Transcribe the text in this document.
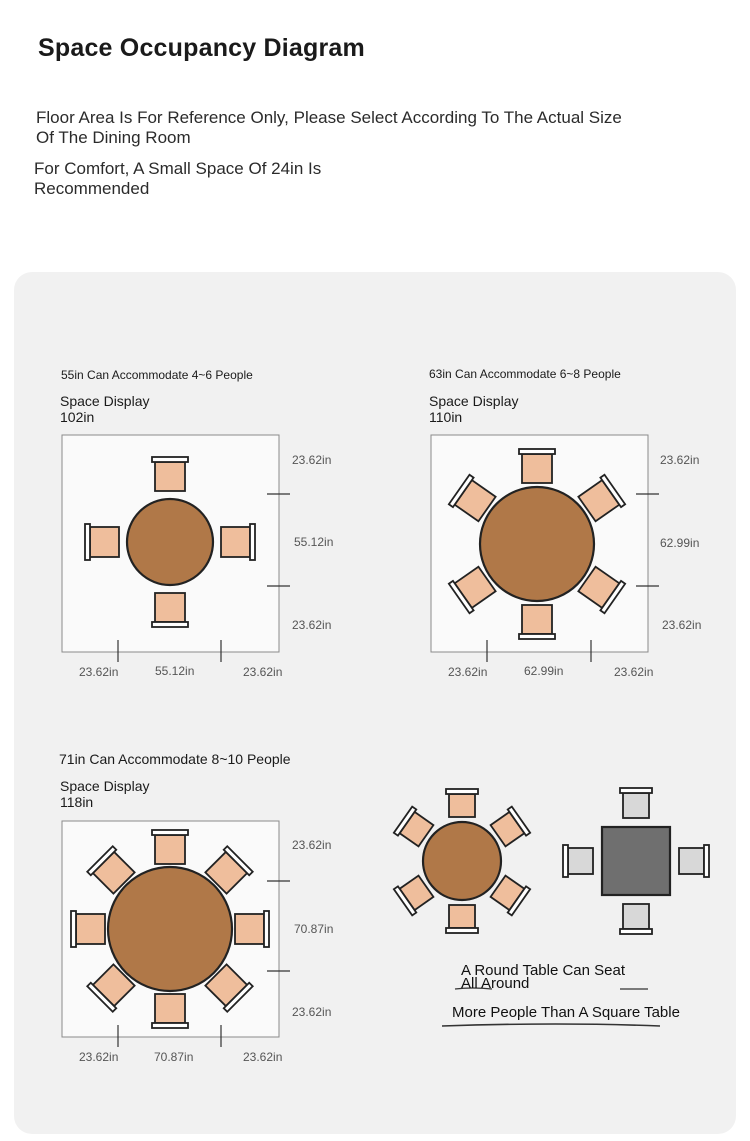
Space Occupancy Diagram
Floor Area Is For Reference Only, Please Select According To The Actual Size Of The Dining Room
For Comfort, A Small Space Of 24in Is Recommended
55in Can Accommodate 4~6 People
Space Display
102in
23.62in
55.12in
23.62in
23.62in	55.12in	23.62in
63in Can Accommodate 6~8 People
Space Display
110in
23.62in
62.99in
23.62in
23.62in	62.99in	23.62in
71in Can Accommodate 8~10 People
Space Display
118in
23.62in
70.87in
23.62in
23.62in	70.87in	23.62in
A Round Table Can Seat
All Around
More People Than A Square Table
